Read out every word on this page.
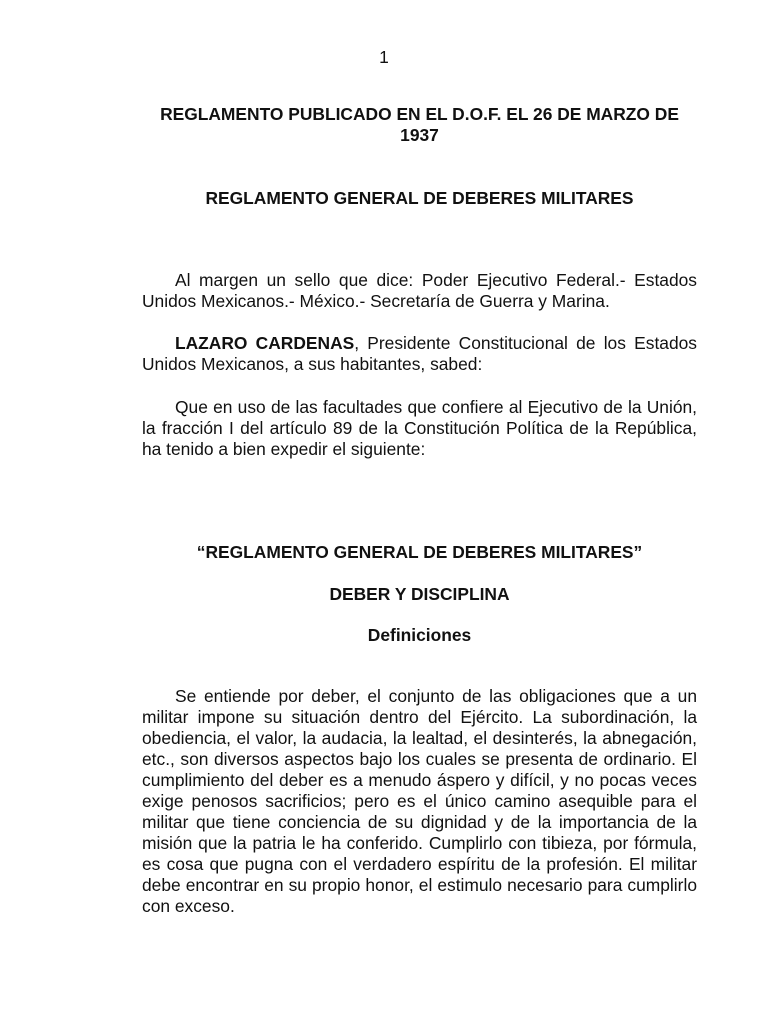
1
REGLAMENTO PUBLICADO EN EL D.O.F. EL 26 DE MARZO DE 1937
REGLAMENTO GENERAL DE DEBERES MILITARES

Al margen un sello que dice: Poder Ejecutivo Federal.- Estados Unidos Mexicanos.- México.- Secretaría de Guerra y Marina.

LAZARO CARDENAS, Presidente Constitucional de los Estados Unidos Mexicanos, a sus habitantes, sabed:

Que en uso de las facultades que confiere al Ejecutivo de la Unión, la fracción I del artículo 89 de la Constitución Política de la República, ha tenido a bien expedir el siguiente:

“REGLAMENTO GENERAL DE DEBERES MILITARES”
DEBER Y DISCIPLINA
Definiciones

Se entiende por deber, el conjunto de las obligaciones que a un militar impone su situación dentro del Ejército. La subordinación, la obediencia, el valor, la audacia, la lealtad, el desinterés, la abnegación, etc., son diversos aspectos bajo los cuales se presenta de ordinario. El cumplimiento del deber es a menudo áspero y difícil, y no pocas veces exige penosos sacrificios; pero es el único camino asequible para el militar que tiene conciencia de su dignidad y de la importancia de la misión que la patria le ha conferido. Cumplirlo con tibieza, por fórmula, es cosa que pugna con el verdadero espíritu de la profesión. El militar debe encontrar en su propio honor, el estimulo necesario para cumplirlo con exceso.
